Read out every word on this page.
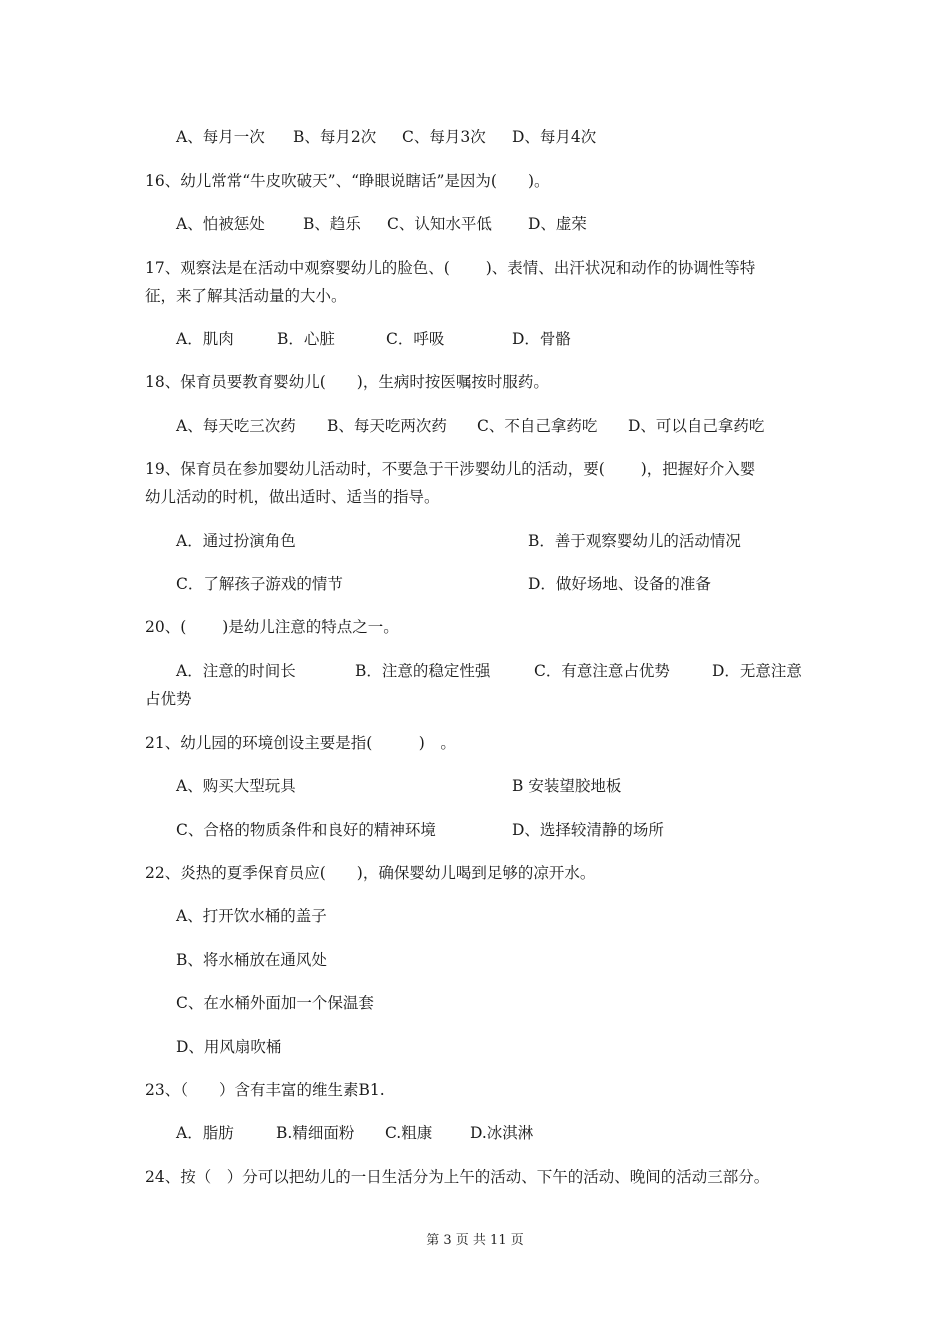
A、每月一次 B、每月2次 C、每月3次 D、每月4次
16、幼儿常常“牛皮吹破天”、“睁眼说瞎话”是因为(　　)。
A、怕被惩处 B、趋乐 C、认知水平低 D、虚荣
17、观察法是在活动中观察婴幼儿的脸色、(　　 )、表情、出汗状况和动作的协调性等特
征，来了解其活动量的大小。
A．肌肉	B．心脏	C．呼吸	D．骨骼
18、保育员要教育婴幼儿(　　)，生病时按医嘱按时服药。
A、每天吃三次药 B、每天吃两次药 C、不自己拿药吃 D、可以自己拿药吃
19、保育员在参加婴幼儿活动时，不要急于干涉婴幼儿的活动，要(　　 )，把握好介入婴
幼儿活动的时机，做出适时、适当的指导。
A．通过扮演角色	B．善于观察婴幼儿的活动情况
C．了解孩子游戏的情节	D．做好场地、设备的准备
20、(　　 )是幼儿注意的特点之一。
A．注意的时间长	B．注意的稳定性强	C．有意注意占优势	D．无意注意
占优势
21、幼儿园的环境创设主要是指(　　　)　。
A、购买大型玩具	B 安装望胶地板
C、合格的物质条件和良好的精神环境	D、选择较清静的场所
22、炎热的夏季保育员应(　　)，确保婴幼儿喝到足够的凉开水。
A、打开饮水桶的盖子
B、将水桶放在通风处
C、在水桶外面加一个保温套
D、用风扇吹桶
23、（　　）含有丰富的维生素B1.
A．脂肪	B.精细面粉 C.粗康 D.冰淇淋
24、按（　）分可以把幼儿的一日生活分为上午的活动、下午的活动、晚间的活动三部分。
第 3 页 共 11 页
